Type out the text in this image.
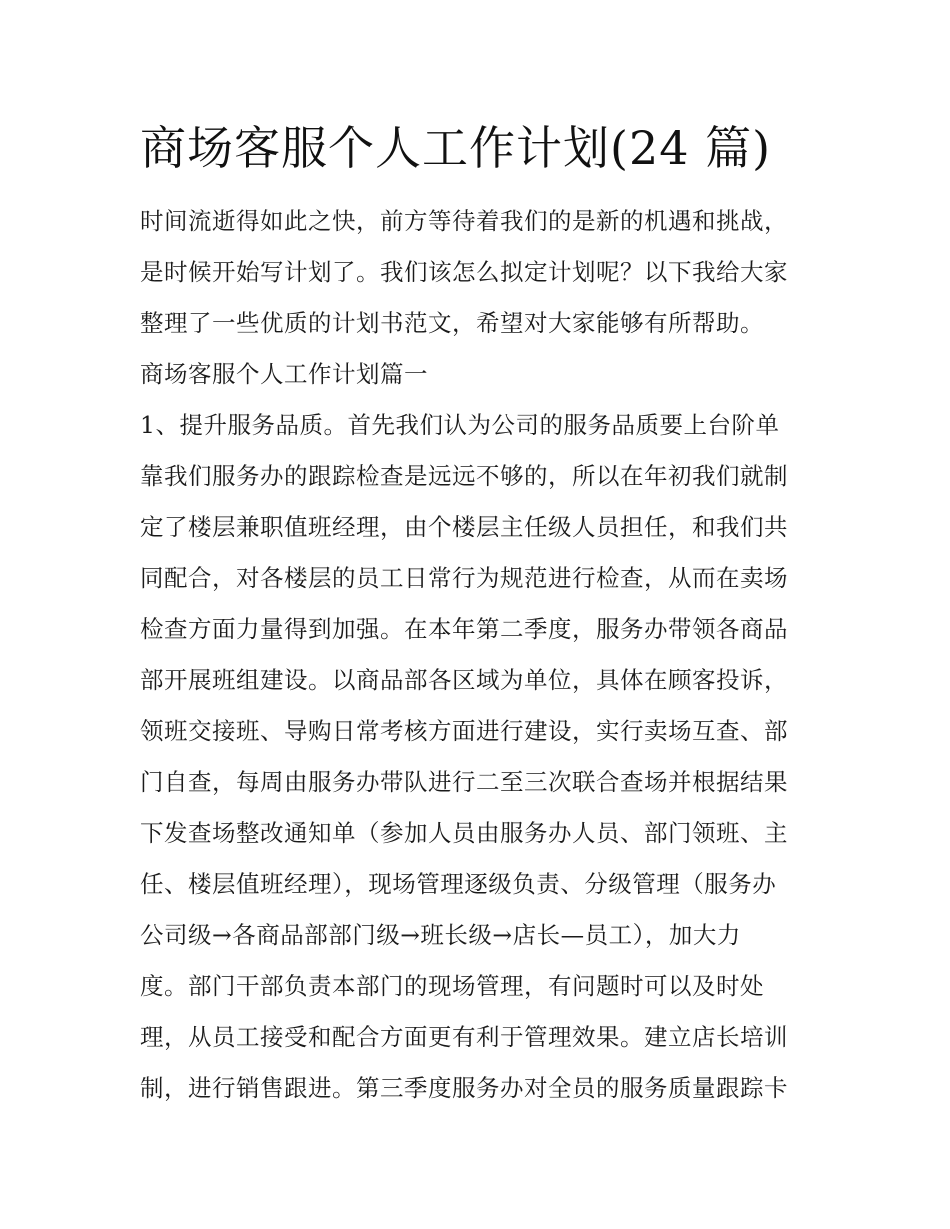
商场客服个人工作计划(24 篇)
时间流逝得如此之快，前方等待着我们的是新的机遇和挑战，
是时候开始写计划了。我们该怎么拟定计划呢？以下我给大家
整理了一些优质的计划书范文，希望对大家能够有所帮助。
商场客服个人工作计划篇一
1、提升服务品质。首先我们认为公司的服务品质要上台阶单
靠我们服务办的跟踪检查是远远不够的，所以在年初我们就制
定了楼层兼职值班经理，由个楼层主任级人员担任，和我们共
同配合，对各楼层的员工日常行为规范进行检查，从而在卖场
检查方面力量得到加强。在本年第二季度，服务办带领各商品
部开展班组建设。以商品部各区域为单位，具体在顾客投诉，
领班交接班、导购日常考核方面进行建设，实行卖场互查、部
门自查，每周由服务办带队进行二至三次联合查场并根据结果
下发查场整改通知单（参加人员由服务办人员、部门领班、主
任、楼层值班经理），现场管理逐级负责、分级管理（服务办
公司级→各商品部部门级→班长级→店长—员工），加大力
度。部门干部负责本部门的现场管理，有问题时可以及时处
理，从员工接受和配合方面更有利于管理效果。建立店长培训
制，进行销售跟进。第三季度服务办对全员的服务质量跟踪卡
